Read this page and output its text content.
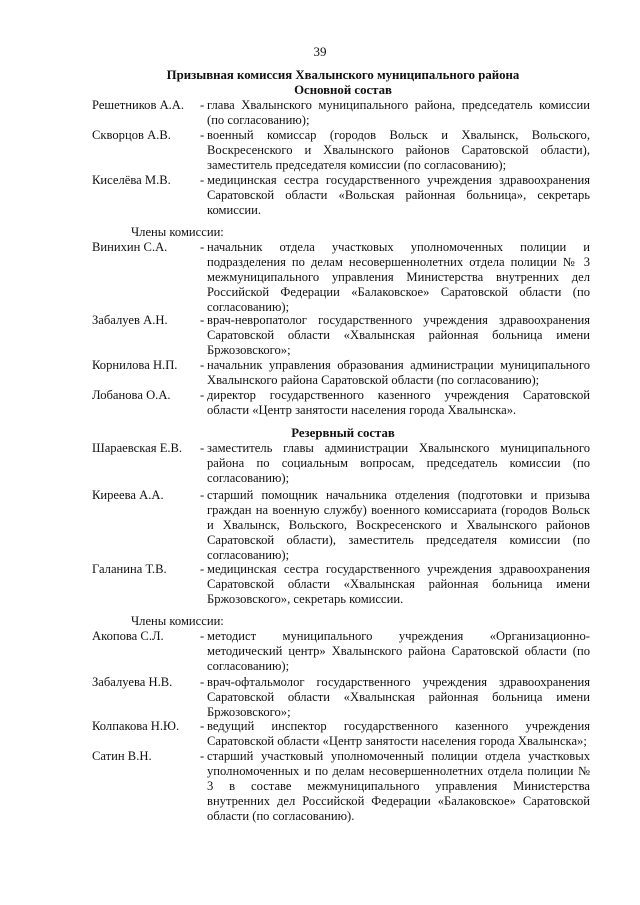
39
Призывная комиссия Хвалынского муниципального района
Основной состав
Решетников А.А. - глава Хвалынского муниципального района, председатель комиссии (по согласованию);
Скворцов А.В. - военный комиссар (городов Вольск и Хвалынск, Вольского, Воскресенского и Хвалынского районов Саратовской области), заместитель председателя комиссии (по согласованию);
Киселёва М.В. - медицинская сестра государственного учреждения здравоохранения Саратовской области «Вольская районная больница», секретарь комиссии.
Члены комиссии:
Винихин С.А.	- начальник отдела участковых уполномоченных полиции и подразделения по делам несовершеннолетних отдела полиции № 3 межмуниципального управления Министерства внутренних дел Российской Федерации «Балаковское» Саратовской области (по согласованию);
Забалуев А.Н.	- врач-невропатолог государственного учреждения здравоохранения Саратовской области «Хвалынская районная больница имени Бржозовского»;
Корнилова Н.П. - начальник управления образования администрации муниципального Хвалынского района Саратовской области (по согласованию);
Лобанова О.А. - директор государственного казенного учреждения Саратовской области «Центр занятости населения города Хвалынска».
Резервный состав
Шараевская Е.В. - заместитель главы администрации Хвалынского муниципального района по социальным вопросам, председатель комиссии (по согласованию);
Киреева А.А.	- старший помощник начальника отделения (подготовки и призыва граждан на военную службу) военного комиссариата (городов Вольск и Хвалынск, Вольского, Воскресенского и Хвалынского районов Саратовской области), заместитель председателя комиссии (по согласованию);
Галанина Т.В.	- медицинская сестра государственного учреждения здравоохранения Саратовской области «Хвалынская районная больница имени Бржозовского», секретарь комиссии.
Члены комиссии:
Акопова С.Л.	- методист муниципального учреждения «Организационно-методический центр» Хвалынского района Саратовской области (по согласованию);
Забалуева Н.В. - врач-офтальмолог государственного учреждения здравоохранения Саратовской области «Хвалынская районная больница имени Бржозовского»;
Колпакова Н.Ю. - ведущий инспектор государственного казенного учреждения Саратовской области «Центр занятости населения города Хвалынска»;
Сатин В.Н.	- старший участковый уполномоченный полиции отдела участковых уполномоченных и по делам несовершеннолетних отдела полиции № 3 в составе межмуниципального управления Министерства внутренних дел Российской Федерации «Балаковское» Саратовской области (по согласованию).
